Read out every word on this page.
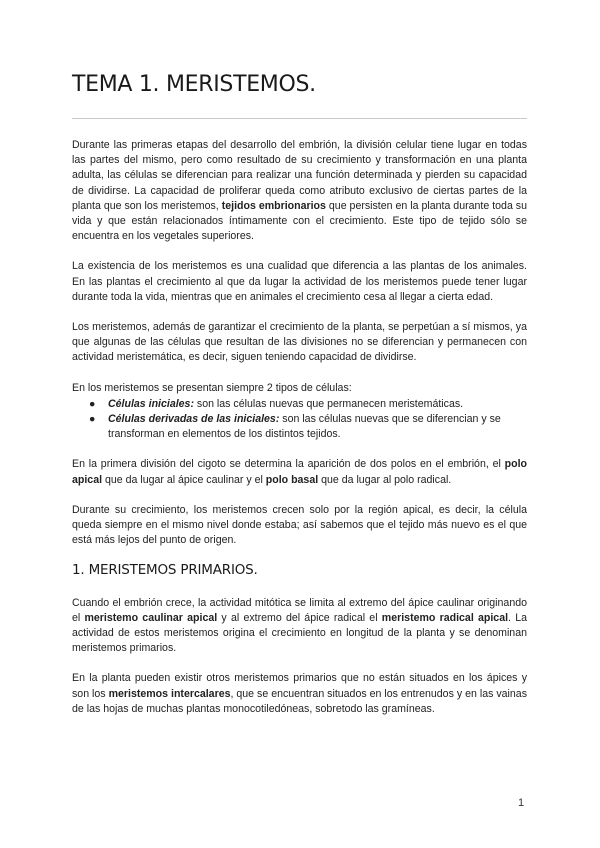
TEMA 1. MERISTEMOS.

Durante las primeras etapas del desarrollo del embrión, la división celular tiene lugar en todas las partes del mismo, pero como resultado de su crecimiento y transformación en una planta adulta, las células se diferencian para realizar una función determinada y pierden su capacidad de dividirse. La capacidad de proliferar queda como atributo exclusivo de ciertas partes de la planta que son los meristemos, tejidos embrionarios que persisten en la planta durante toda su vida y que están relacionados íntimamente con el crecimiento. Este tipo de tejido sólo se encuentra en los vegetales superiores.

La existencia de los meristemos es una cualidad que diferencia a las plantas de los animales. En las plantas el crecimiento al que da lugar la actividad de los meristemos puede tener lugar durante toda la vida, mientras que en animales el crecimiento cesa al llegar a cierta edad.

Los meristemos, además de garantizar el crecimiento de la planta, se perpetúan a sí mismos, ya que algunas de las células que resultan de las divisiones no se diferencian y permanecen con actividad meristemática, es decir, siguen teniendo capacidad de dividirse.

En los meristemos se presentan siempre 2 tipos de células:

● Células iniciales: son las células nuevas que permanecen meristemáticas.
● Células derivadas de las iniciales: son las células nuevas que se diferencian y se transforman en elementos de los distintos tejidos.

En la primera división del cigoto se determina la aparición de dos polos en el embrión, el polo apical que da lugar al ápice caulinar y el polo basal que da lugar al polo radical.

Durante su crecimiento, los meristemos crecen solo por la región apical, es decir, la célula queda siempre en el mismo nivel donde estaba; así sabemos que el tejido más nuevo es el que está más lejos del punto de origen.

1. MERISTEMOS PRIMARIOS.

Cuando el embrión crece, la actividad mitótica se limita al extremo del ápice caulinar originando el meristemo caulinar apical y al extremo del ápice radical el meristemo radical apical. La actividad de estos meristemos origina el crecimiento en longitud de la planta y se denominan meristemos primarios.

En la planta pueden existir otros meristemos primarios que no están situados en los ápices y son los meristemos intercalares, que se encuentran situados en los entrenudos y en las vainas de las hojas de muchas plantas monocotiledóneas, sobretodo las gramíneas.

1
